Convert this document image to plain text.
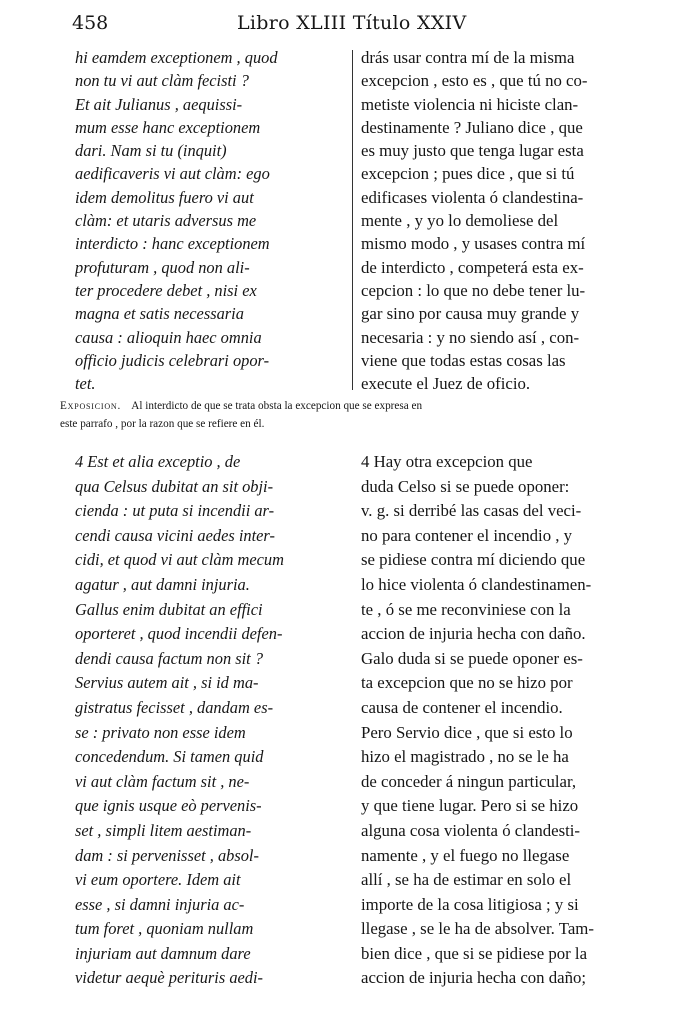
458	Libro XLIII Título XXIV
hi eamdem exceptionem , quod
non tu vi aut clàm fecisti ?
Et ait Julianus , aequissi-
mum esse hanc exceptionem
dari. Nam si tu (inquit)
aedificaveris vi aut clàm: ego
idem demolitus fuero vi aut
clàm: et utaris adversus me
interdicto : hanc exceptionem
profuturam , quod non ali-
ter procedere debet , nisi ex
magna et satis necessaria
causa : alioquin haec omnia
officio judicis celebrari opor-
tet.
drás usar contra mí de la misma
excepcion , esto es , que tú no co-
metiste violencia ni hiciste clan-
destinamente ? Juliano dice , que
es muy justo que tenga lugar esta
excepcion ; pues dice , que si tú
edificases violenta ó clandestina-
mente , y yo lo demoliese del
mismo modo , y usases contra mí
de interdicto , competerá esta ex-
cepcion : lo que no debe tener lu-
gar sino por causa muy grande y
necesaria : y no siendo así , con-
viene que todas estas cosas las
execute el Juez de oficio.
Exposicion. Al interdicto de que se trata obsta la excepcion que se expresa en
este parrafo , por la razon que se refiere en él.
4 Est et alia exceptio , de
qua Celsus dubitat an sit obji-
cienda : ut puta si incendii ar-
cendi causa vicini aedes inter-
cidi, et quod vi aut clàm mecum
agatur , aut damni injuria.
Gallus enim dubitat an effici
oporteret , quod incendii defen-
dendi causa factum non sit ?
Servius autem ait , si id ma-
gistratus fecisset , dandam es-
se : privato non esse idem
concedendum. Si tamen quid
vi aut clàm factum sit , ne-
que ignis usque eò pervenis-
set , simpli litem aestiman-
dam : si pervenisset , absol-
vi eum oportere. Idem ait
esse , si damni injuria ac-
tum foret , quoniam nullam
injuriam aut damnum dare
videtur aequè perituris aedi-
4 Hay otra excepcion que
duda Celso si se puede oponer:
v. g. si derribé las casas del veci-
no para contener el incendio , y
se pidiese contra mí diciendo que
lo hice violenta ó clandestinamen-
te , ó se me reconviniese con la
accion de injuria hecha con daño.
Galo duda si se puede oponer es-
ta excepcion que no se hizo por
causa de contener el incendio.
Pero Servio dice , que si esto lo
hizo el magistrado , no se le ha
de conceder á ningun particular,
y que tiene lugar. Pero si se hizo
alguna cosa violenta ó clandesti-
namente , y el fuego no llegase
allí , se ha de estimar en solo el
importe de la cosa litigiosa ; y si
llegase , se le ha de absolver. Tam-
bien dice , que si se pidiese por la
accion de injuria hecha con daño;
